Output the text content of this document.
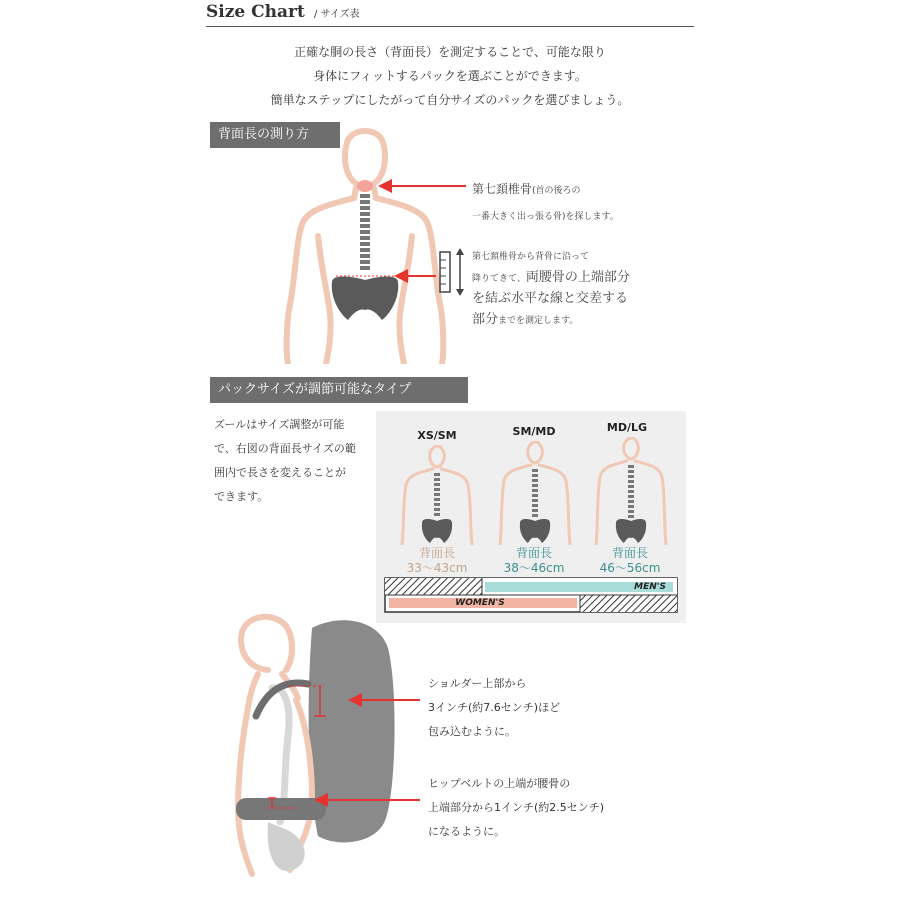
Size Chart / サイズ表
正確な胴の長さ（背面長）を測定することで、可能な限り
身体にフィットするパックを選ぶことができます。
簡単なステップにしたがって自分サイズのパックを選びましょう。
背面長の測り方
第七頚椎骨(首の後ろの
一番大きく出っ張る骨)を探します。
第七頚椎骨から背骨に沿って
降りてきて、両腰骨の上端部分
を結ぶ水平な線と交差する
部分までを測定します。
パックサイズが調節可能なタイプ
ズールはサイズ調整が可能
で、右図の背面長サイズの範
囲内で長さを変えることが
できます。
XS/SM	SM/MD	MD/LG
背面長
33～43cm
背面長
38～46cm
背面長
46～56cm
MEN'S
WOMEN'S
ショルダー上部から
3インチ(約7.6センチ)ほど
包み込むように。
ヒップベルトの上端が腰骨の
上端部分から1インチ(約2.5センチ)
になるように。
